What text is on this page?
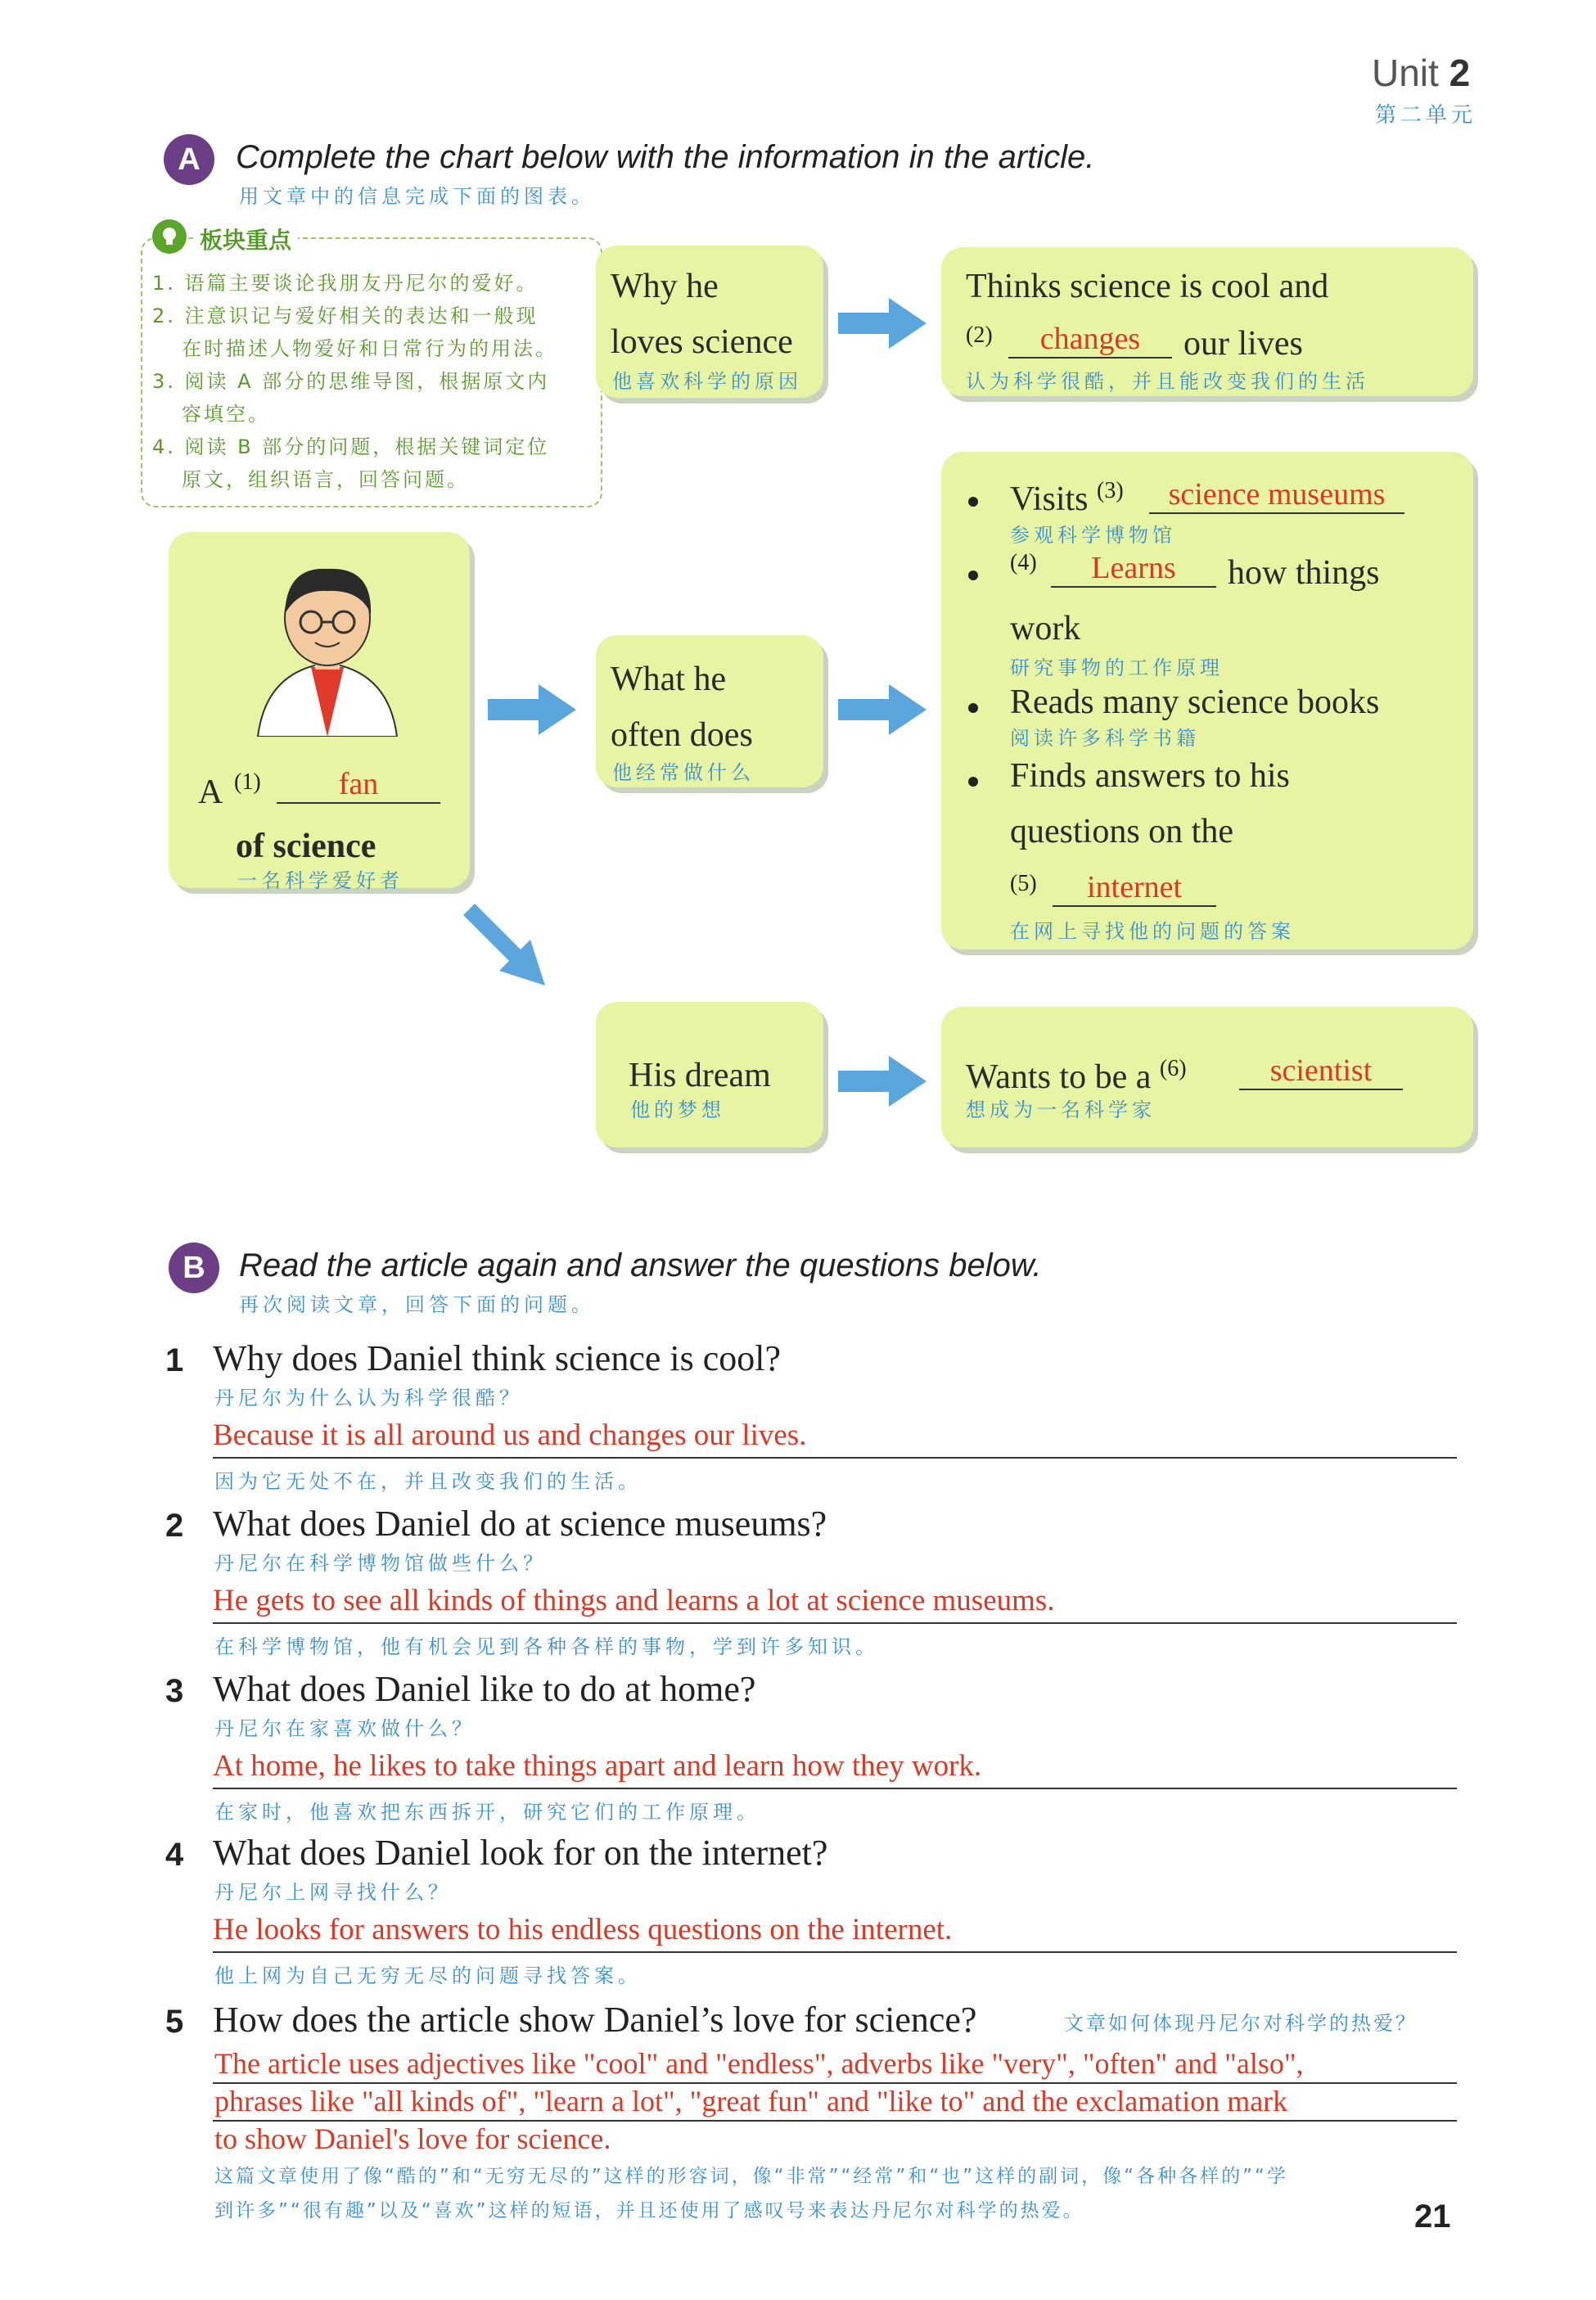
Unit 2
第二单元
A	Complete the chart below with the information in the article.
用文章中的信息完成下面的图表。
板块重点
1. 语篇主要谈论我朋友丹尼尔的爱好。
2. 注意识记与爱好相关的表达和一般现
在时描述人物爱好和日常行为的用法。
3. 阅读 A 部分的思维导图，根据原文内
容填空。
4. 阅读 B 部分的问题，根据关键词定位
原文，组织语言，回答问题。
A (1)	fan
of science
一名科学爱好者
Why he
loves science
他喜欢科学的原因
Thinks science is cool and
(2)	changes	our lives
认为科学很酷，并且能改变我们的生活
What he
often does
他经常做什么
Visits $^{(3)}$	science museums
参观科学博物馆
(4)	Learns	how things
work
研究事物的工作原理
Reads many science books
阅读许多科学书籍
Finds answers to his
questions on the
(5)	internet
在网上寻找他的问题的答案
His dream
他的梦想
Wants to be a $^{(6)}$	scientist
想成为一名科学家
B	Read the article again and answer the questions below.
再次阅读文章，回答下面的问题。
1 Why does Daniel think science is cool?
丹尼尔为什么认为科学很酷？
Because it is all around us and changes our lives.
因为它无处不在，并且改变我们的生活。
2 What does Daniel do at science museums?
丹尼尔在科学博物馆做些什么？
He gets to see all kinds of things and learns a lot at science museums.
在科学博物馆，他有机会见到各种各样的事物，学到许多知识。
3 What does Daniel like to do at home?
丹尼尔在家喜欢做什么？
At home, he likes to take things apart and learn how they work.
在家时，他喜欢把东西拆开，研究它们的工作原理。
4 What does Daniel look for on the internet?
丹尼尔上网寻找什么？
He looks for answers to his endless questions on the internet.
他上网为自己无穷无尽的问题寻找答案。
5 How does the article show Daniel’s love for science?	文章如何体现丹尼尔对科学的热爱？
The article uses adjectives like "cool" and "endless", adverbs like "very", "often" and "also",
phrases like "all kinds of", "learn a lot", "great fun" and "like to" and the exclamation mark
to show Daniel's love for science.
这篇文章使用了像“酷的”和“无穷无尽的”这样的形容词，像“非常”“经常”和“也”这样的副词，像“各种各样的”“学
到许多”“很有趣”以及“喜欢”这样的短语，并且还使用了感叹号来表达丹尼尔对科学的热爱。	21
